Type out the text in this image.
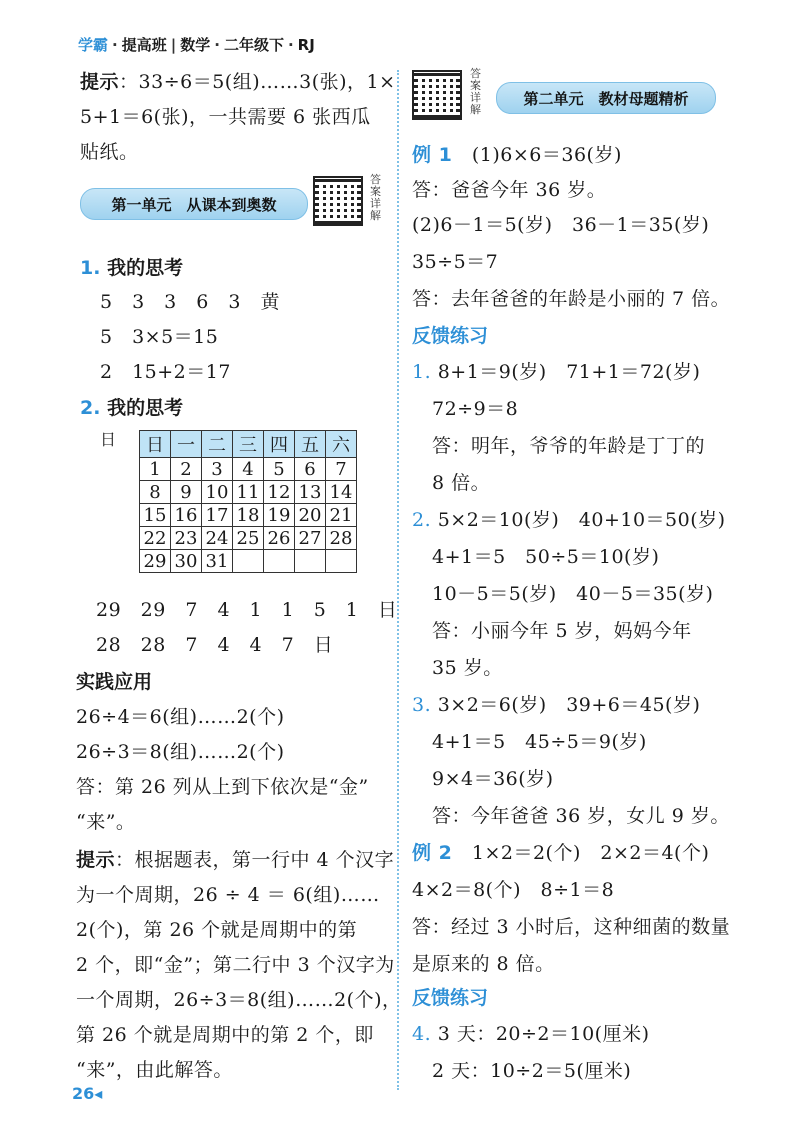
学霸 · 提高班 | 数学 · 二年级下 · RJ
提示：33÷6＝5(组)……3(张)，1×
5+1＝6(张)，一共需要 6 张西瓜
贴纸。
第一单元　从课本到奥数
答案详解
1. 我的思考
5　3　3　6　3　黄
5　3×5＝15
2　15+2＝17
2. 我的思考
日 日	一	二	三	四	五	六
1	2	3	4	5	6	7
8	9	10	11	12	13	14
15	16	17	18	19	20	21
22	23	24	25	26	27	28
29	30	31				
29　29　7　4　1　1　5　1　日
28　28　7　4　4　7　日
实践应用
26÷4＝6(组)……2(个)
26÷3＝8(组)……2(个)
答：第 26 列从上到下依次是“金”
“来”。
提示：根据题表，第一行中 4 个汉字
为一个周期，26 ÷ 4 ＝ 6(组)……
2(个)，第 26 个就是周期中的第
2 个，即“金”；第二行中 3 个汉字为
一个周期，26÷3＝8(组)……2(个)，
第 26 个就是周期中的第 2 个，即
“来”，由此解答。
26◂
答案详解
第二单元　教材母题精析
例 1　 (1)6×6＝36(岁)
答：爸爸今年 36 岁。
(2)6－1＝5(岁)　36－1＝35(岁)
35÷5＝7
答：去年爸爸的年龄是小丽的 7 倍。
反馈练习
1. 8+1＝9(岁)　71+1＝72(岁)
72÷9＝8
答：明年，爷爷的年龄是丁丁的
8 倍。
2. 5×2＝10(岁)　40+10＝50(岁)
4+1＝5　50÷5＝10(岁)
10－5＝5(岁)　40－5＝35(岁)
答：小丽今年 5 岁，妈妈今年
35 岁。
3. 3×2＝6(岁)　39+6＝45(岁)
4+1＝5　45÷5＝9(岁)
9×4＝36(岁)
答：今年爸爸 36 岁，女儿 9 岁。
例 2　 1×2＝2(个)　2×2＝4(个)
4×2＝8(个)　8÷1＝8
答：经过 3 小时后，这种细菌的数量
是原来的 8 倍。
反馈练习
4. 3 天：20÷2＝10(厘米)
2 天：10÷2＝5(厘米)
